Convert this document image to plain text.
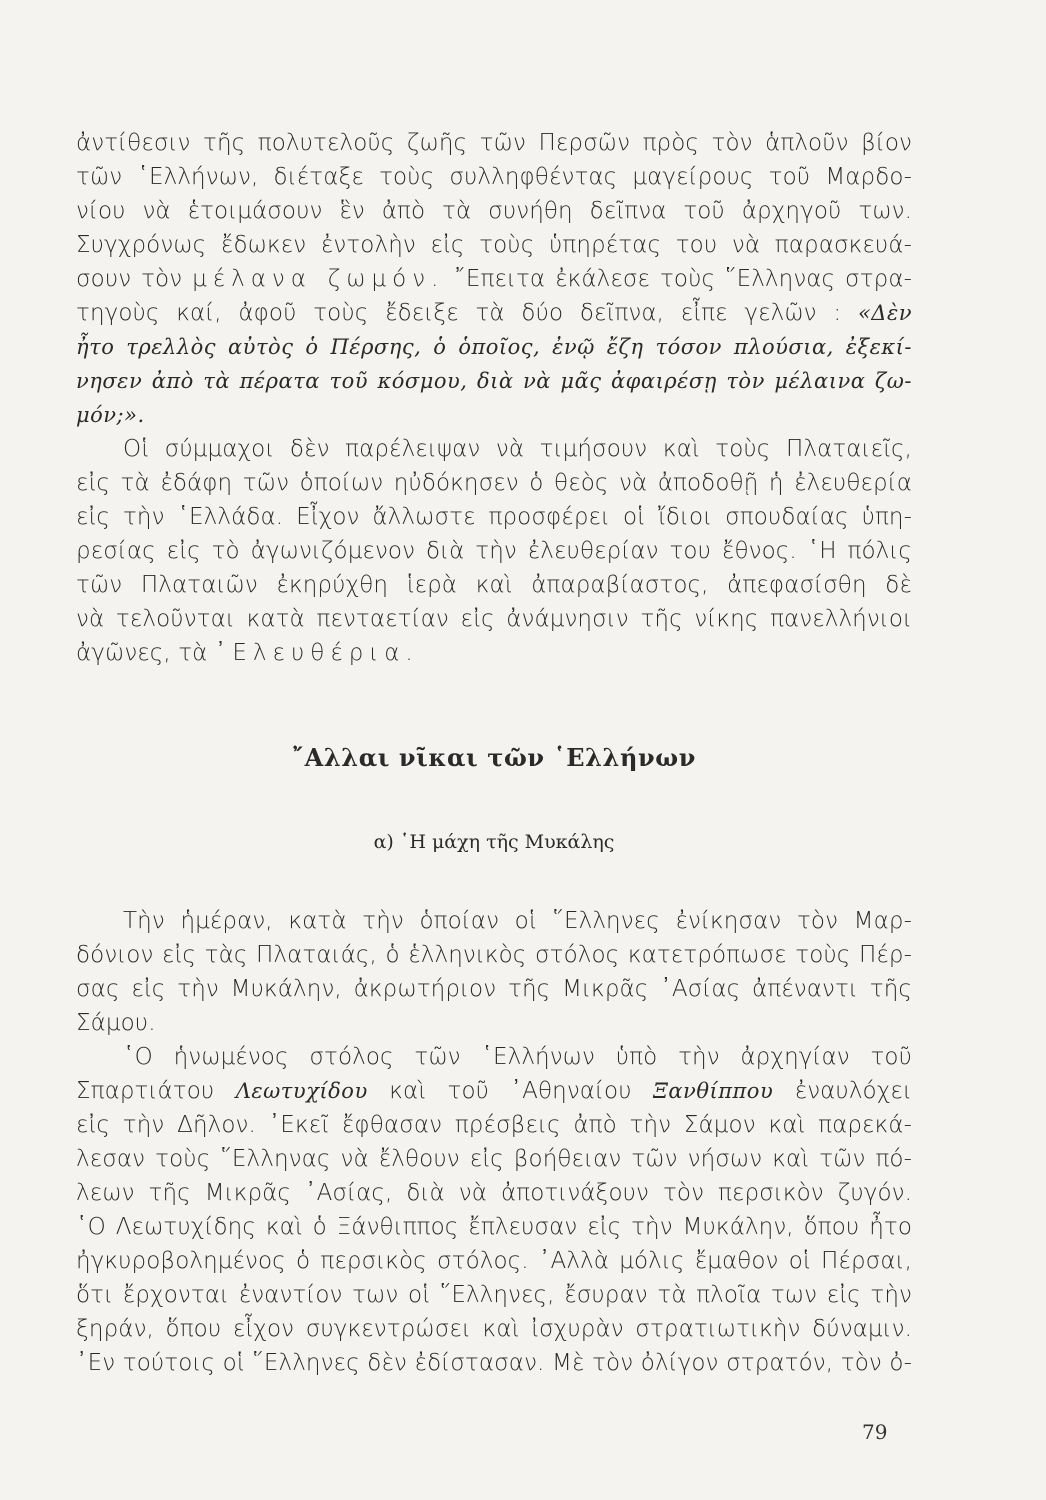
ἀντίθεσιν τῆς πολυτελοῦς ζωῆς τῶν Περσῶν πρὸς τὸν ἁπλοῦν βίον
τῶν ῾Ελλήνων, διέταξε τοὺς συλληφθέντας μαγείρους τοῦ Μαρδο-
νίου νὰ ἑτοιμάσουν ἓν ἀπὸ τὰ συνήθη δεῖπνα τοῦ ἀρχηγοῦ των.
Συγχρόνως ἔδωκεν ἐντολὴν εἰς τοὺς ὑπηρέτας του νὰ παρασκευά-
σουν τὸν μέλανα ζωμόν. ῎Επειτα ἐκάλεσε τοὺς ῞Ελληνας στρα-
τηγοὺς καί, ἀφοῦ τοὺς ἔδειξε τὰ δύο δεῖπνα, εἶπε γελῶν : «Δὲν
ἦτο τρελλὸς αὐτὸς ὁ Πέρσης, ὁ ὁποῖος, ἐνῷ ἔζη τόσον πλούσια, ἐξεκί-
νησεν ἀπὸ τὰ πέρατα τοῦ κόσμου, διὰ νὰ μᾶς ἀφαιρέσῃ τὸν μέλαινα ζω-
μόν;».
Οἱ σύμμαχοι δὲν παρέλειψαν νὰ τιμήσουν καὶ τοὺς Πλαταιεῖς,
εἰς τὰ ἐδάφη τῶν ὁποίων ηὐδόκησεν ὁ θεὸς νὰ ἀποδοθῇ ἡ ἐλευθερία
εἰς τὴν ῾Ελλάδα. Εἶχον ἄλλωστε προσφέρει οἱ ἴδιοι σπουδαίας ὑπη-
ρεσίας εἰς τὸ ἀγωνιζόμενον διὰ τὴν ἐλευθερίαν του ἔθνος. ῾Η πόλις
τῶν Πλαταιῶν ἐκηρύχθη ἱερὰ καὶ ἀπαραβίαστος, ἀπεφασίσθη δὲ
νὰ τελοῦνται κατὰ πενταετίαν εἰς ἀνάμνησιν τῆς νίκης πανελλήνιοι
ἀγῶνες, τὰ ᾿Ελευθέρια.
῎Αλλαι νῖκαι τῶν ῾Ελλήνων
α) ῾Η μάχη τῆς Μυκάλης
Τὴν ἡμέραν, κατὰ τὴν ὁποίαν οἱ ῞Ελληνες ἐνίκησαν τὸν Μαρ-
δόνιον εἰς τὰς Πλαταιάς, ὁ ἑλληνικὸς στόλος κατετρόπωσε τοὺς Πέρ-
σας εἰς τὴν Μυκάλην, ἀκρωτήριον τῆς Μικρᾶς ᾿Ασίας ἀπέναντι τῆς
Σάμου.
῾Ο ἡνωμένος στόλος τῶν ῾Ελλήνων ὑπὸ τὴν ἀρχηγίαν τοῦ
Σπαρτιάτου Λεωτυχίδου καὶ τοῦ ᾿Αθηναίου Ξανθίππου ἐναυλόχει
εἰς τὴν Δῆλον. ᾿Εκεῖ ἔφθασαν πρέσβεις ἀπὸ τὴν Σάμον καὶ παρεκά-
λεσαν τοὺς ῞Ελληνας νὰ ἔλθουν εἰς βοήθειαν τῶν νήσων καὶ τῶν πό-
λεων τῆς Μικρᾶς ᾿Ασίας, διὰ νὰ ἀποτινάξουν τὸν περσικὸν ζυγόν.
῾Ο Λεωτυχίδης καὶ ὁ Ξάνθιππος ἔπλευσαν εἰς τὴν Μυκάλην, ὅπου ἦτο
ἠγκυροβολημένος ὁ περσικὸς στόλος. ᾿Αλλὰ μόλις ἔμαθον οἱ Πέρσαι,
ὅτι ἔρχονται ἐναντίον των οἱ ῞Ελληνες, ἔσυραν τὰ πλοῖα των εἰς τὴν
ξηράν, ὅπου εἶχον συγκεντρώσει καὶ ἰσχυρὰν στρατιωτικὴν δύναμιν.
᾿Εν τούτοις οἱ ῞Ελληνες δὲν ἐδίστασαν. Μὲ τὸν ὀλίγον στρατόν, τὸν ὀ-
79
